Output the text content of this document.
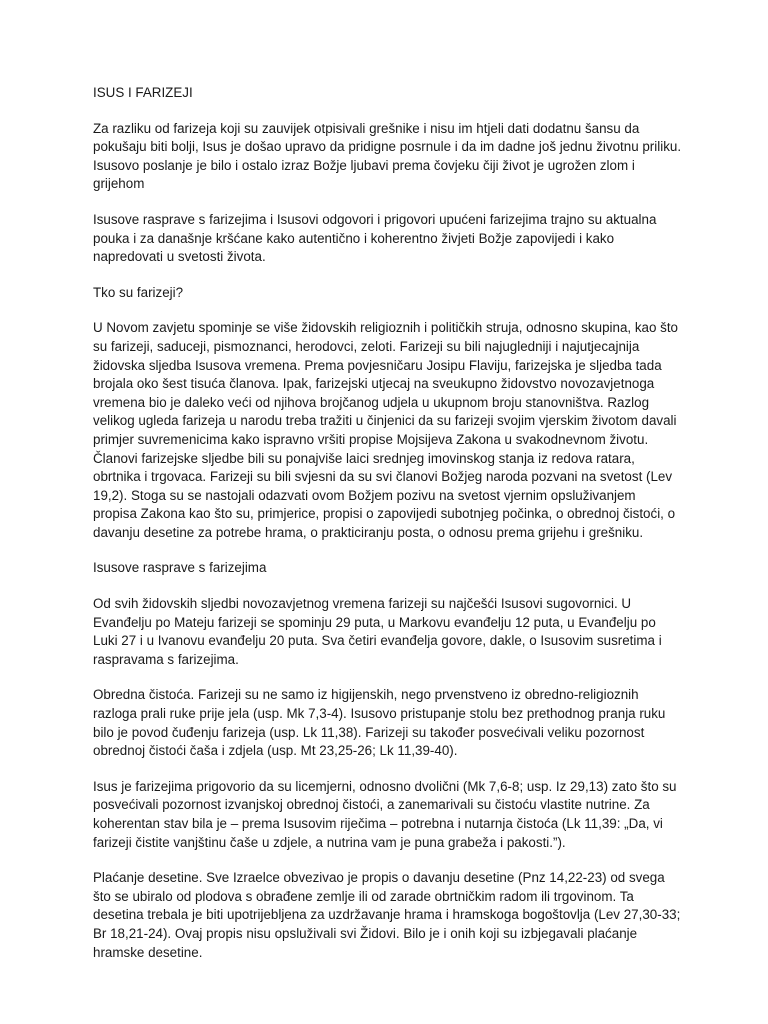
ISUS I FARIZEJI

Za razliku od farizeja koji su zauvijek otpisivali grešnike i nisu im htjeli dati dodatnu šansu da pokušaju biti bolji, Isus je došao upravo da pridigne posrnule i da im dadne još jednu životnu priliku. Isusovo poslanje je bilo i ostalo izraz Božje ljubavi prema čovjeku čiji život je ugrožen zlom i grijehom

Isusove rasprave s farizejima i Isusovi odgovori i prigovori upućeni farizejima trajno su aktualna pouka i za današnje kršćane kako autentično i koherentno živjeti Božje zapovijedi i kako napredovati u svetosti života.

Tko su farizeji?

U Novom zavjetu spominje se više židovskih religioznih i političkih struja, odnosno skupina, kao što su farizeji, saduceji, pismoznanci, herodovci, zeloti. Farizeji su bili najugledniji i najutjecajnija židovska sljedba Isusova vremena. Prema povjesničaru Josipu Flaviju, farizejska je sljedba tada brojala oko šest tisuća članova. Ipak, farizejski utjecaj na sveukupno židovstvo novozavjetnoga vremena bio je daleko veći od njihova brojčanog udjela u ukupnom broju stanovništva. Razlog velikog ugleda farizeja u narodu treba tražiti u činjenici da su farizeji svojim vjerskim životom davali primjer suvremenicima kako ispravno vršiti propise Mojsijeva Zakona u svakodnevnom životu. Članovi farizejske sljedbe bili su ponajviše laici srednjeg imovinskog stanja iz redova ratara, obrtnika i trgovaca. Farizeji su bili svjesni da su svi članovi Božjeg naroda pozvani na svetost (Lev 19,2). Stoga su se nastojali odazvati ovom Božjem pozivu na svetost vjernim opsluživanjem propisa Zakona kao što su, primjerice, propisi o zapovijedi subotnjeg počinka, o obrednoj čistoći, o davanju desetine za potrebe hrama, o prakticiranju posta, o odnosu prema grijehu i grešniku.

Isusove rasprave s farizejima

Od svih židovskih sljedbi novozavjetnog vremena farizeji su najčešći Isusovi sugovornici. U Evanđelju po Mateju farizeji se spominju 29 puta, u Markovu evanđelju 12 puta, u Evanđelju po Luki 27 i u Ivanovu evanđelju 20 puta. Sva četiri evanđelja govore, dakle, o Isusovim susretima i raspravama s farizejima.

Obredna čistoća. Farizeji su ne samo iz higijenskih, nego prvenstveno iz obredno-religioznih razloga prali ruke prije jela (usp. Mk 7,3-4). Isusovo pristupanje stolu bez prethodnog pranja ruku bilo je povod čuđenju farizeja (usp. Lk 11,38). Farizeji su također posvećivali veliku pozornost obrednoj čistoći čaša i zdjela (usp. Mt 23,25-26; Lk 11,39-40).

Isus je farizejima prigovorio da su licemjerni, odnosno dvolični (Mk 7,6-8; usp. Iz 29,13) zato što su posvećivali pozornost izvanjskoj obrednoj čistoći, a zanemarivali su čistoću vlastite nutrine. Za koherentan stav bila je – prema Isusovim riječima – potrebna i nutarnja čistoća (Lk 11,39: „Da, vi farizeji čistite vanjštinu čaše u zdjele, a nutrina vam je puna grabeža i pakosti.”).

Plaćanje desetine. Sve Izraelce obvezivao je propis o davanju desetine (Pnz 14,22-23) od svega što se ubiralo od plodova s obrađene zemlje ili od zarade obrtničkim radom ili trgovinom. Ta desetina trebala je biti upotrijebljena za uzdržavanje hrama i hramskoga bogoštovlja (Lev 27,30-33; Br 18,21-24). Ovaj propis nisu opsluživali svi Židovi. Bilo je i onih koji su izbjegavali plaćanje hramske desetine.
